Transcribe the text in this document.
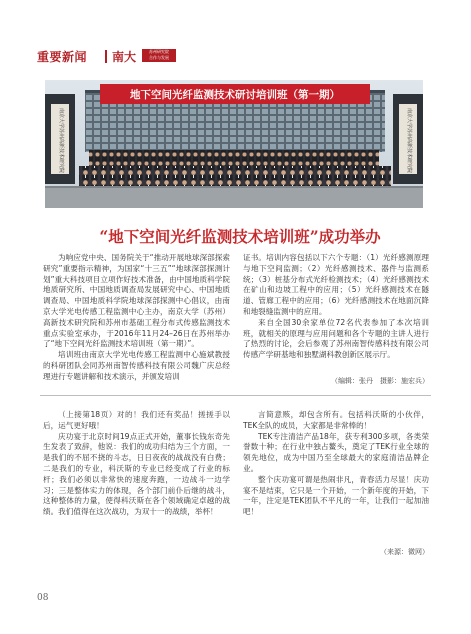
重要新闻 南大	苏州研究院
合作与发展
南京大学苏州高新技术研究院	南京大学苏州高新技术研究院
地下空间光纤监测技术研讨培训班（第一期）
“地下空间光纤监测技术培训班”成功举办

为响应党中央、国务院关于“推动开展地球深部探索研究”重要指示精神，为国家“十三五”“地球深部探测计划”重大科技项目立项作好技术准备，由中国地质科学院地质研究所、中国地质调查局发展研究中心、中国地质调查局、中国地质科学院地球深部探测中心倡议，由南京大学光电传感工程监测中心主办，南京大学（苏州）高新技术研究院和苏州市基础工程分布式传感监测技术重点实验室承办，于2016年11月24–26日在苏州举办了“地下空间光纤监测技术培训班（第一期）”。

培训班由南京大学光电传感工程监测中心施斌教授的科研团队会同苏州南智传感科技有限公司魏广庆总经理进行专题讲解和技术演示，并颁发培训

证书。培训内容包括以下六个专题：（1）光纤感测原理与地下空间监测；（2）光纤感测技术、器件与监测系统；（3）桩基分布式光纤检测技术；（4）光纤感测技术在矿山和边坡工程中的应用；（5）光纤感测技术在隧道、管廊工程中的应用；（6）光纤感测技术在地面沉降和地裂缝监测中的应用。

来自全国30余家单位72名代表参加了本次培训班，就相关的原理与应用问题和各个专题的主讲人进行了热烈的讨论，会后参观了苏州南智传感科技有限公司传感产学研基地和独墅湖科教创新区展示厅。

（编辑：张丹　摄影：施宏兵）

（上接第18页）对的！我们还有奖品！搓搓手以后，运气更好哦！

庆功宴于北京时间19点正式开始，董事长钱东奇先生发表了致辞，他说：我们的成功归结为三个方面，一是我们的不屈不挠的斗志，日日夜夜的战战没有白费；二是我们的专业，科沃斯的专业已经变成了行业的标杆；我们必须以非常快的速度奔跑，一边战斗一边学习；三是整体实力的体现，各个部门前仆后继的战斗，这种整体的力量，使得科沃斯在各个领域确定卓越的战绩。我们值得在这次战功，为双十一的战绩，举杯！

言简意赅，却包含所有。包括科沃斯的小伙伴，TEK全队的成员，大家都是非常棒的！

TEK专注清洁产品18年，获专利300多项，各类荣誉数十种；在行业中独占鳌头，奠定了TEK行业全球的领先地位，成为中国乃至全球最大的家庭清洁品牌企业。

整个庆功宴可谓是热闹非凡，青春活力尽显！庆功宴不是结束，它只是一个开始，一个新年度的开始，下一年，注定是TEK团队不平凡的一年，让我们一起加油吧！

（来源：微网）
08
